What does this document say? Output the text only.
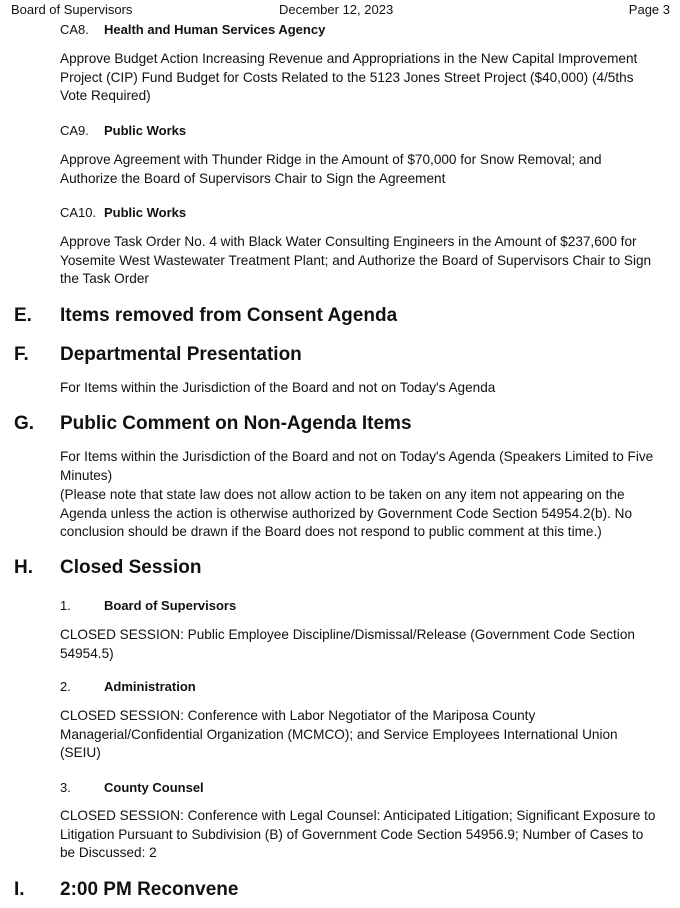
Board of Supervisors	December 12, 2023	Page 3
CA8. Health and Human Services Agency

Approve Budget Action Increasing Revenue and Appropriations in the New Capital Improvement Project (CIP) Fund Budget for Costs Related to the 5123 Jones Street Project ($40,000) (4/5ths Vote Required)

CA9. Public Works

Approve Agreement with Thunder Ridge in the Amount of $70,000 for Snow Removal; and Authorize the Board of Supervisors Chair to Sign the Agreement

CA10. Public Works

Approve Task Order No. 4 with Black Water Consulting Engineers in the Amount of $237,600 for Yosemite West Wastewater Treatment Plant; and Authorize the Board of Supervisors Chair to Sign the Task Order

E. Items removed from Consent Agenda
F. Departmental Presentation

For Items within the Jurisdiction of the Board and not on Today's Agenda

G. Public Comment on Non-Agenda Items

For Items within the Jurisdiction of the Board and not on Today's Agenda (Speakers Limited to Five Minutes)

(Please note that state law does not allow action to be taken on any item not appearing on the Agenda unless the action is otherwise authorized by Government Code Section 54954.2(b). No conclusion should be drawn if the Board does not respond to public comment at this time.)

H. Closed Session
1.	Board of Supervisors

CLOSED SESSION: Public Employee Discipline/Dismissal/Release (Government Code Section 54954.5)

2.	Administration

CLOSED SESSION: Conference with Labor Negotiator of the Mariposa County Managerial/Confidential Organization (MCMCO); and Service Employees International Union (SEIU)

3.	County Counsel

CLOSED SESSION: Conference with Legal Counsel: Anticipated Litigation; Significant Exposure to Litigation Pursuant to Subdivision (B) of Government Code Section 54956.9; Number of Cases to be Discussed: 2

I. 2:00 PM Reconvene
